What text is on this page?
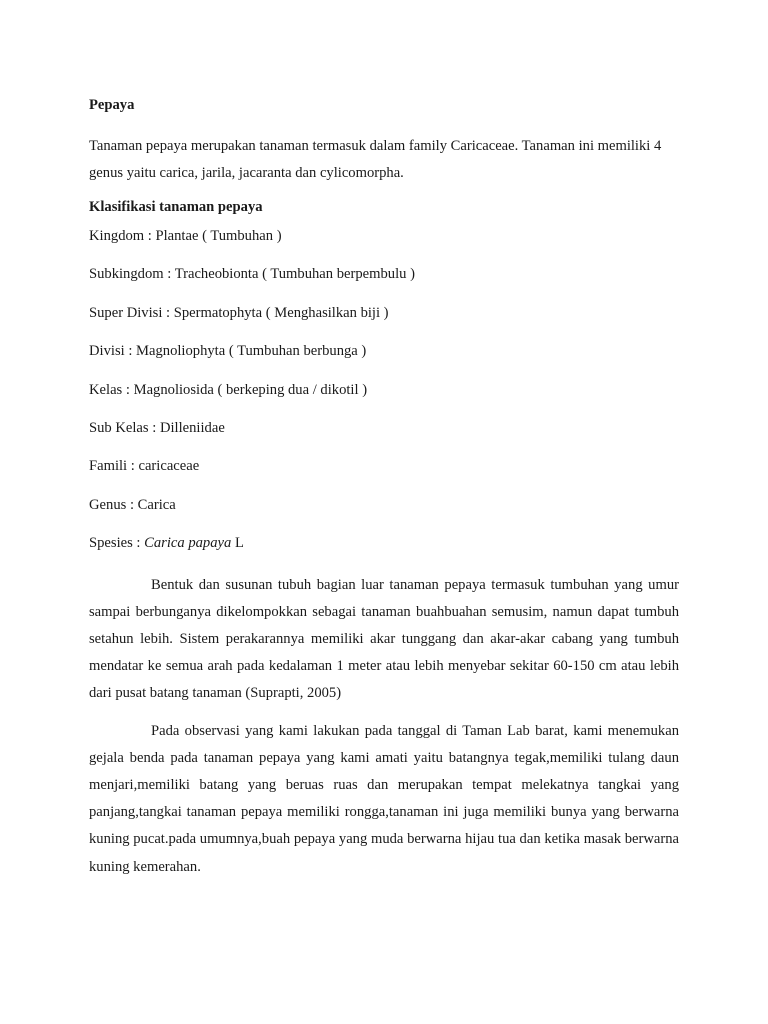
Pepaya
Tanaman pepaya merupakan tanaman termasuk dalam family Caricaceae. Tanaman ini memiliki 4 genus yaitu carica, jarila, jacaranta dan cylicomorpha.
Klasifikasi tanaman pepaya
Kingdom : Plantae ( Tumbuhan )
Subkingdom : Tracheobionta ( Tumbuhan berpembulu )
Super Divisi : Spermatophyta ( Menghasilkan biji )
Divisi : Magnoliophyta ( Tumbuhan berbunga )
Kelas : Magnoliosida ( berkeping dua / dikotil )
Sub Kelas : Dilleniidae
Famili : caricaceae
Genus : Carica
Spesies : Carica papaya L

Bentuk dan susunan tubuh bagian luar tanaman pepaya termasuk tumbuhan yang umur sampai berbunganya dikelompokkan sebagai tanaman buahbuahan semusim, namun dapat tumbuh setahun lebih. Sistem perakarannya memiliki akar tunggang dan akar-akar cabang yang tumbuh mendatar ke semua arah pada kedalaman 1 meter atau lebih menyebar sekitar 60-150 cm atau lebih dari pusat batang tanaman (Suprapti, 2005)

Pada observasi yang kami lakukan pada tanggal di Taman Lab barat, kami menemukan gejala benda pada tanaman pepaya yang kami amati yaitu batangnya tegak,memiliki tulang daun menjari,memiliki batang yang beruas ruas dan merupakan tempat melekatnya tangkai yang panjang,tangkai tanaman pepaya memiliki rongga,tanaman ini juga memiliki bunya yang berwarna kuning pucat.pada umumnya,buah pepaya yang muda berwarna hijau tua dan ketika masak berwarna kuning kemerahan.
